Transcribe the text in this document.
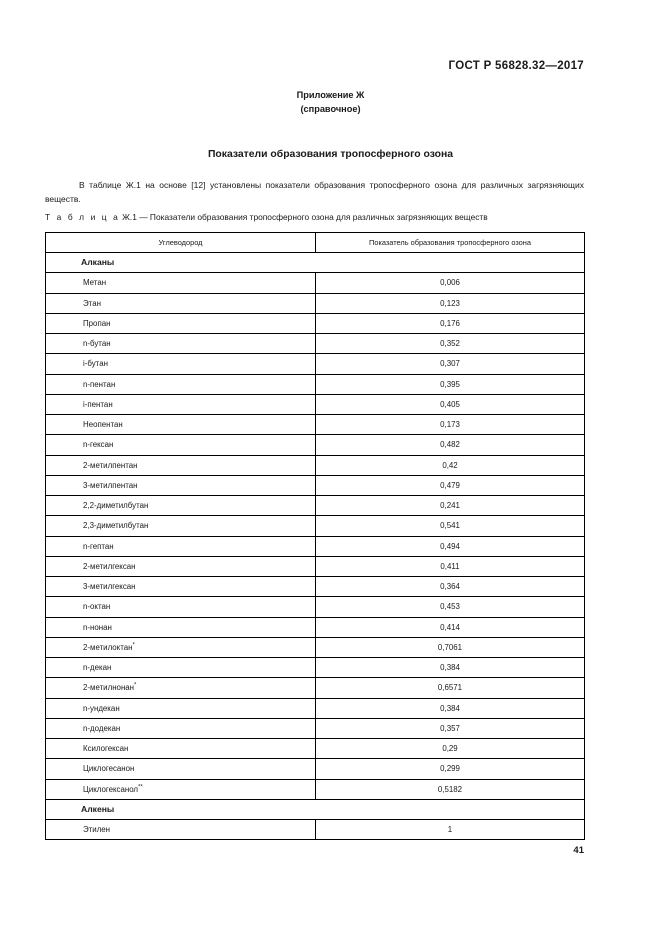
ГОСТ Р 56828.32—2017
Приложение Ж
(справочное)
Показатели образования тропосферного озона
В таблице Ж.1 на основе [12] установлены показатели образования тропосферного озона для различных загрязняющих веществ.
Т а б л и ц а Ж.1 — Показатели образования тропосферного озона для различных загрязняющих веществ
Углеводород	Показатель образования тропосферного озона
Алканы	
Метан	0,006
Этан	0,123
Пропан	0,176
n-бутан	0,352
i-бутан	0,307
n-пентан	0,395
i-пентан	0,405
Неопентан	0,173
n-гексан	0,482
2-метилпентан	0,42
3-метилпентан	0,479
2,2-диметилбутан	0,241
2,3-диметилбутан	0,541
n-гептан	0,494
2-метилгексан	0,411
3-метилгексан	0,364
n-октан	0,453
n-нонан	0,414
2-метилоктан*	0,7061
n-декан	0,384
2-метилнонан*	0,6571
n-ундекан	0,384
n-додекан	0,357
Ксилогексан	0,29
Циклогесанон	0,299
Циклогексанол**	0,5182
Алкены	
Этилен	1
41
